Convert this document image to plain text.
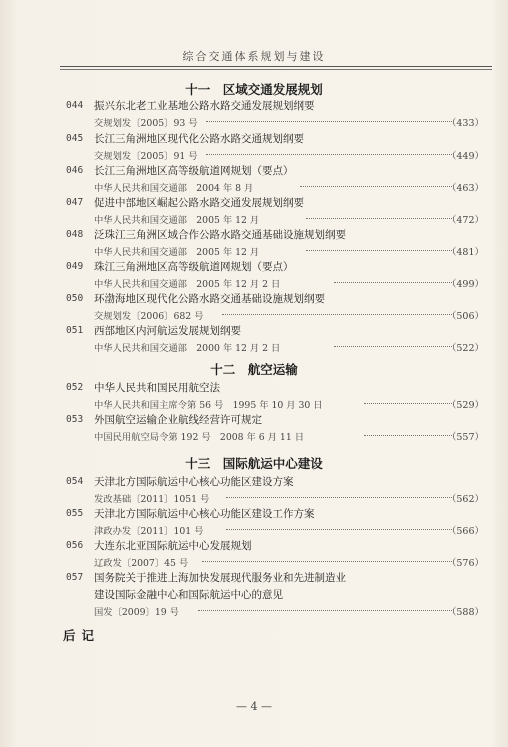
综合交通体系规划与建设
十一　区域交通发展规划
044 振兴东北老工业基地公路水路交通发展规划纲要
交规划发〔2005〕93 号	（433）
045 长江三角洲地区现代化公路水路交通规划纲要
交规划发〔2005〕91 号	（449）
046 长江三角洲地区高等级航道网规划（要点）
中华人民共和国交通部　2004 年 8 月	（463）
047 促进中部地区崛起公路水路交通发展规划纲要
中华人民共和国交通部　2005 年 12 月	（472）
048 泛珠江三角洲区域合作公路水路交通基础设施规划纲要
中华人民共和国交通部　2005 年 12 月	（481）
049 珠江三角洲地区高等级航道网规划（要点）
中华人民共和国交通部　2005 年 12 月 2 日	（499）
050 环渤海地区现代化公路水路交通基础设施规划纲要
交规划发〔2006〕682 号	（506）
051 西部地区内河航运发展规划纲要
中华人民共和国交通部　2000 年 12 月 2 日	（522）
十二　航空运输
052 中华人民共和国民用航空法
中华人民共和国主席令第 56 号　1995 年 10 月 30 日	（529）
053 外国航空运输企业航线经营许可规定
中国民用航空局令第 192 号　2008 年 6 月 11 日	（557）
十三　国际航运中心建设
054 天津北方国际航运中心核心功能区建设方案
发改基础〔2011〕1051 号	（562）
055 天津北方国际航运中心核心功能区建设工作方案
津政办发〔2011〕101 号	（566）
056 大连东北亚国际航运中心发展规划
辽政发〔2007〕45 号	（576）
057 国务院关于推进上海加快发展现代服务业和先进制造业
建设国际金融中心和国际航运中心的意见
国发〔2009〕19 号	（588）
后记
— 4 —
